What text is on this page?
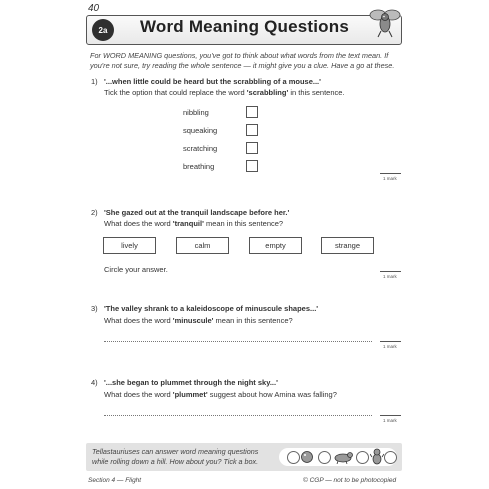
40
2a	Word Meaning Questions
For WORD MEANING questions, you've got to think about what words from the text mean. If you're not sure, try reading the whole sentence — it might give you a clue. Have a go at these.
1) '...when little could be heard but the scrabbling of a mouse...'
Tick the option that could replace the word 'scrabbling' in this sentence.
nibbling
squeaking
scratching
breathing
1 mark
2) 'She gazed out at the tranquil landscape before her.'
What does the word 'tranquil' mean in this sentence?
lively	calm	empty	strange
Circle your answer.
1 mark
3) 'The valley shrank to a kaleidoscope of minuscule shapes...'
What does the word 'minuscule' mean in this sentence?
1 mark
4) '...she began to plummet through the night sky...'
What does the word 'plummet' suggest about how Amina was falling?
1 mark
Tellastauriuses can answer word meaning questions while rolling down a hill. How about you? Tick a box.
Section 4 — Flight	© CGP — not to be photocopied
